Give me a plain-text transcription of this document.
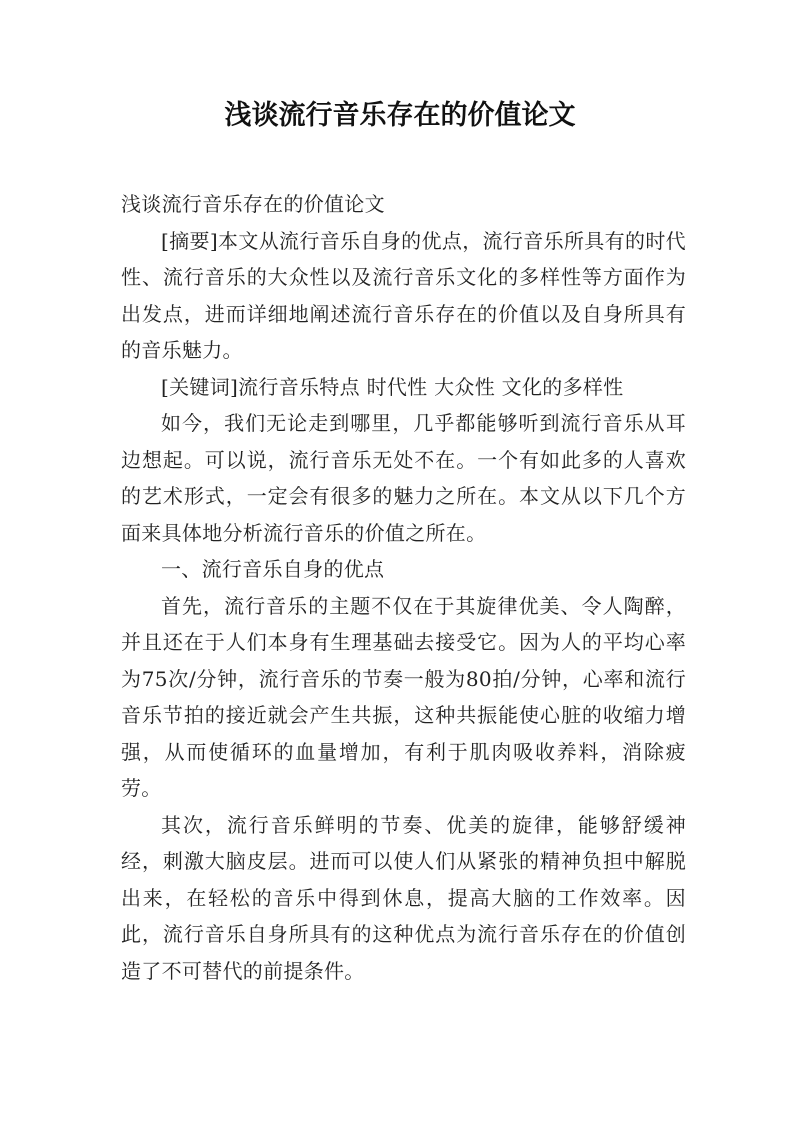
浅谈流行音乐存在的价值论文

浅谈流行音乐存在的价值论文

[摘要]本文从流行音乐自身的优点，流行音乐所具有的时代性、流行音乐的大众性以及流行音乐文化的多样性等方面作为出发点，进而详细地阐述流行音乐存在的价值以及自身所具有的音乐魅力。

[关键词]流行音乐特点 时代性 大众性 文化的多样性

如今，我们无论走到哪里，几乎都能够听到流行音乐从耳边想起。可以说，流行音乐无处不在。一个有如此多的人喜欢的艺术形式，一定会有很多的魅力之所在。本文从以下几个方面来具体地分析流行音乐的价值之所在。

一、流行音乐自身的优点

首先，流行音乐的主题不仅在于其旋律优美、令人陶醉，并且还在于人们本身有生理基础去接受它。因为人的平均心率为75次/分钟，流行音乐的节奏一般为80拍/分钟，心率和流行音乐节拍的接近就会产生共振，这种共振能使心脏的收缩力增强，从而使循环的血量增加，有利于肌肉吸收养料，消除疲劳。

其次，流行音乐鲜明的节奏、优美的旋律，能够舒缓神经，刺激大脑皮层。进而可以使人们从紧张的精神负担中解脱出来，在轻松的音乐中得到休息，提高大脑的工作效率。因此，流行音乐自身所具有的这种优点为流行音乐存在的价值创造了不可替代的前提条件。
